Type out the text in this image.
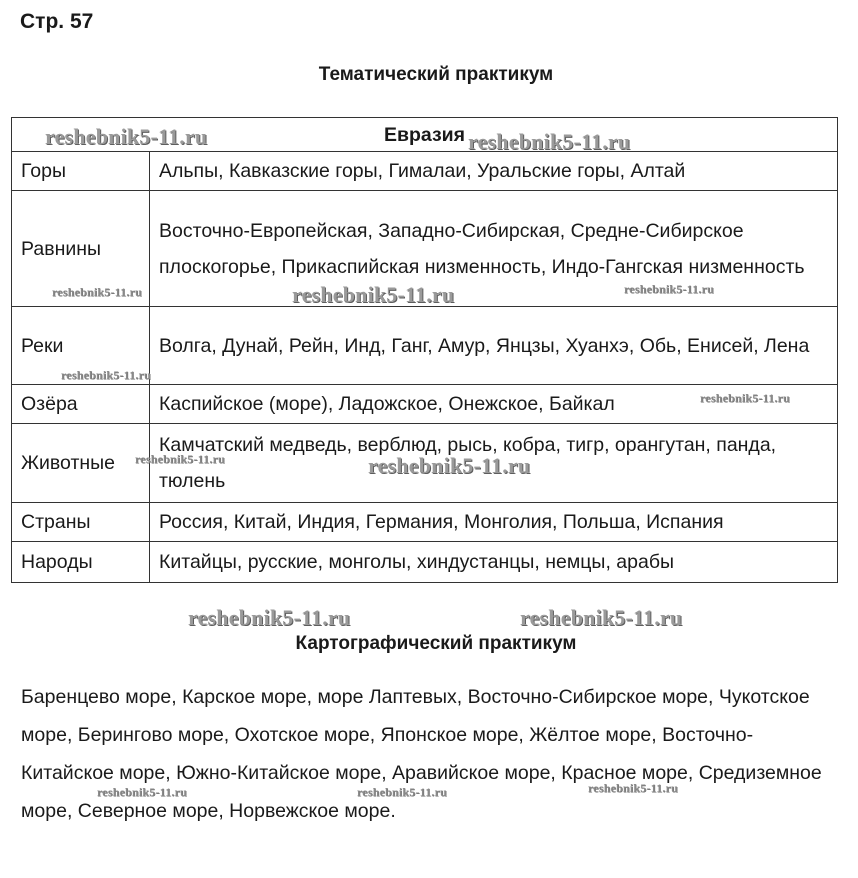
Стр. 57
Тематический практикум
Евразия	
Горы	Альпы, Кавказские горы, Гималаи, Уральские горы, Алтай
Равнины	Восточно-Европейская, Западно-Сибирская, Средне-Сибирское плоскогорье, Прикаспийская низменность, Индо-Гангская низменность
Реки	Волга, Дунай, Рейн, Инд, Ганг, Амур, Янцзы, Хуанхэ, Обь, Енисей, Лена
Озёра	Каспийское (море), Ладожское, Онежское, Байкал
Животные	Камчатский медведь, верблюд, рысь, кобра, тигр, орангутан, панда, тюлень
Страны	Россия, Китай, Индия, Германия, Монголия, Польша, Испания
Народы	Китайцы, русские, монголы, хиндустанцы, немцы, арабы
Картографический практикум
Баренцево море, Карское море, море Лаптевых, Восточно-Сибирское море, Чукотское море, Берингово море, Охотское море, Японское море, Жёлтое море, Восточно-Китайское море, Южно-Китайское море, Аравийское море, Красное море, Средиземное море, Северное море, Норвежское море.
reshebnik5-11.ru	reshebnik5-11.ru
reshebnik5-11.ru	reshebnik5-11.ru	reshebnik5-11.ru
reshebnik5-11.ru
reshebnik5-11.ru
reshebnik5-11.ru	reshebnik5-11.ru
reshebnik5-11.ru	reshebnik5-11.ru
reshebnik5-11.ru	reshebnik5-11.ru	reshebnik5-11.ru
